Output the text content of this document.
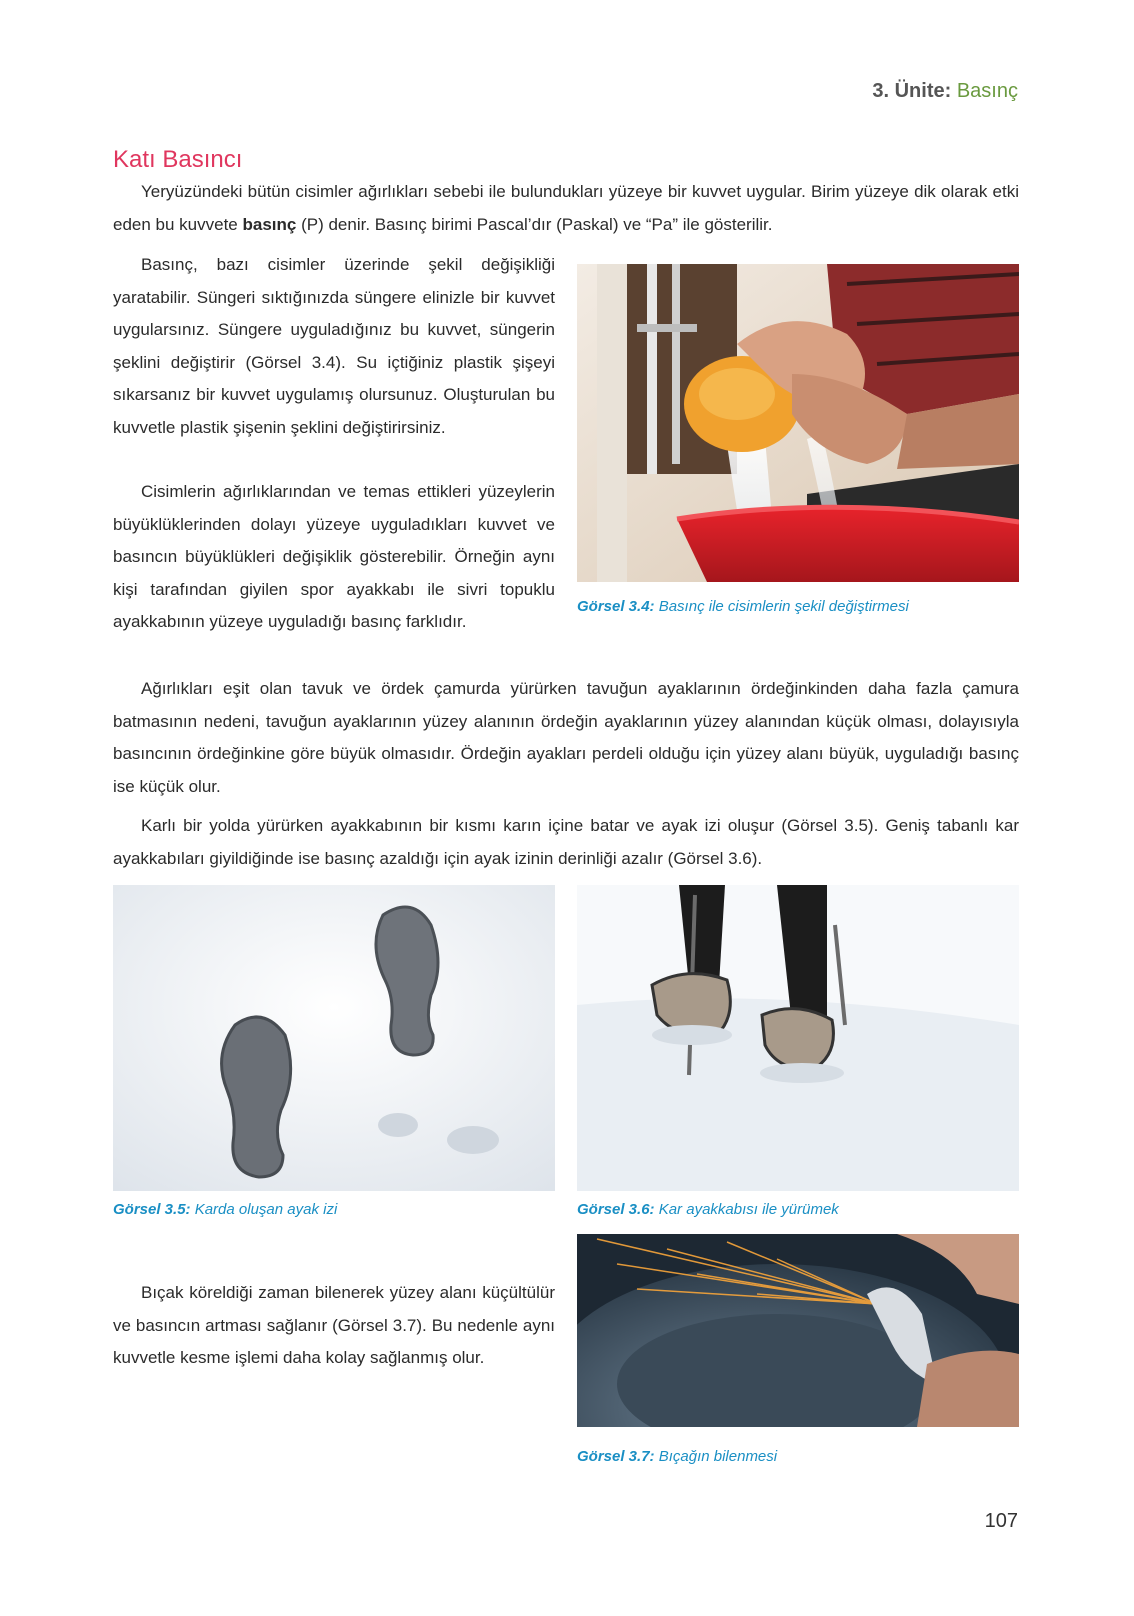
3. Ünite: Basınç
Katı Basıncı
Yeryüzündeki bütün cisimler ağırlıkları sebebi ile bulundukları yüzeye bir kuvvet uygular. Birim yüzeye dik olarak etki eden bu kuvvete basınç (P) denir. Basınç birimi Pascal’dır (Paskal) ve “Pa” ile gösterilir.
Basınç, bazı cisimler üzerinde şekil değişikliği yaratabilir. Süngeri sıktığınızda süngere elinizle bir kuvvet uygularsınız. Süngere uyguladığınız bu kuvvet, süngerin şeklini değiştirir (Görsel 3.4). Su içtiğiniz plastik şişeyi sıkarsanız bir kuvvet uygulamış olursunuz. Oluşturulan bu kuvvetle plastik şişenin şeklini değiştirirsiniz.
Cisimlerin ağırlıklarından ve temas ettikleri yüzeylerin büyüklüklerinden dolayı yüzeye uyguladıkları kuvvet ve basıncın büyüklükleri değişiklik gösterebilir. Örneğin aynı kişi tarafından giyilen spor ayakkabı ile sivri topuklu ayakkabının yüzeye uyguladığı basınç farklıdır.
Görsel 3.4: Basınç ile cisimlerin şekil değiştirmesi
Ağırlıkları eşit olan tavuk ve ördek çamurda yürürken tavuğun ayaklarının ördeğinkinden daha fazla çamura batmasının nedeni, tavuğun ayaklarının yüzey alanının ördeğin ayaklarının yüzey alanından küçük olması, dolayısıyla basıncının ördeğinkine göre büyük olmasıdır. Ördeğin ayakları perdeli olduğu için yüzey alanı büyük, uyguladığı basınç ise küçük olur.
Karlı bir yolda yürürken ayakkabının bir kısmı karın içine batar ve ayak izi oluşur (Görsel 3.5). Geniş tabanlı kar ayakkabıları giyildiğinde ise basınç azaldığı için ayak izinin derinliği azalır (Görsel 3.6).
Görsel 3.5: Karda oluşan ayak izi	Görsel 3.6: Kar ayakkabısı ile yürümek
Bıçak köreldiği zaman bilenerek yüzey alanı küçültülür ve basıncın artması sağlanır (Görsel 3.7). Bu nedenle aynı kuvvetle kesme işlemi daha kolay sağlanmış olur.
Görsel 3.7: Bıçağın bilenmesi
107
